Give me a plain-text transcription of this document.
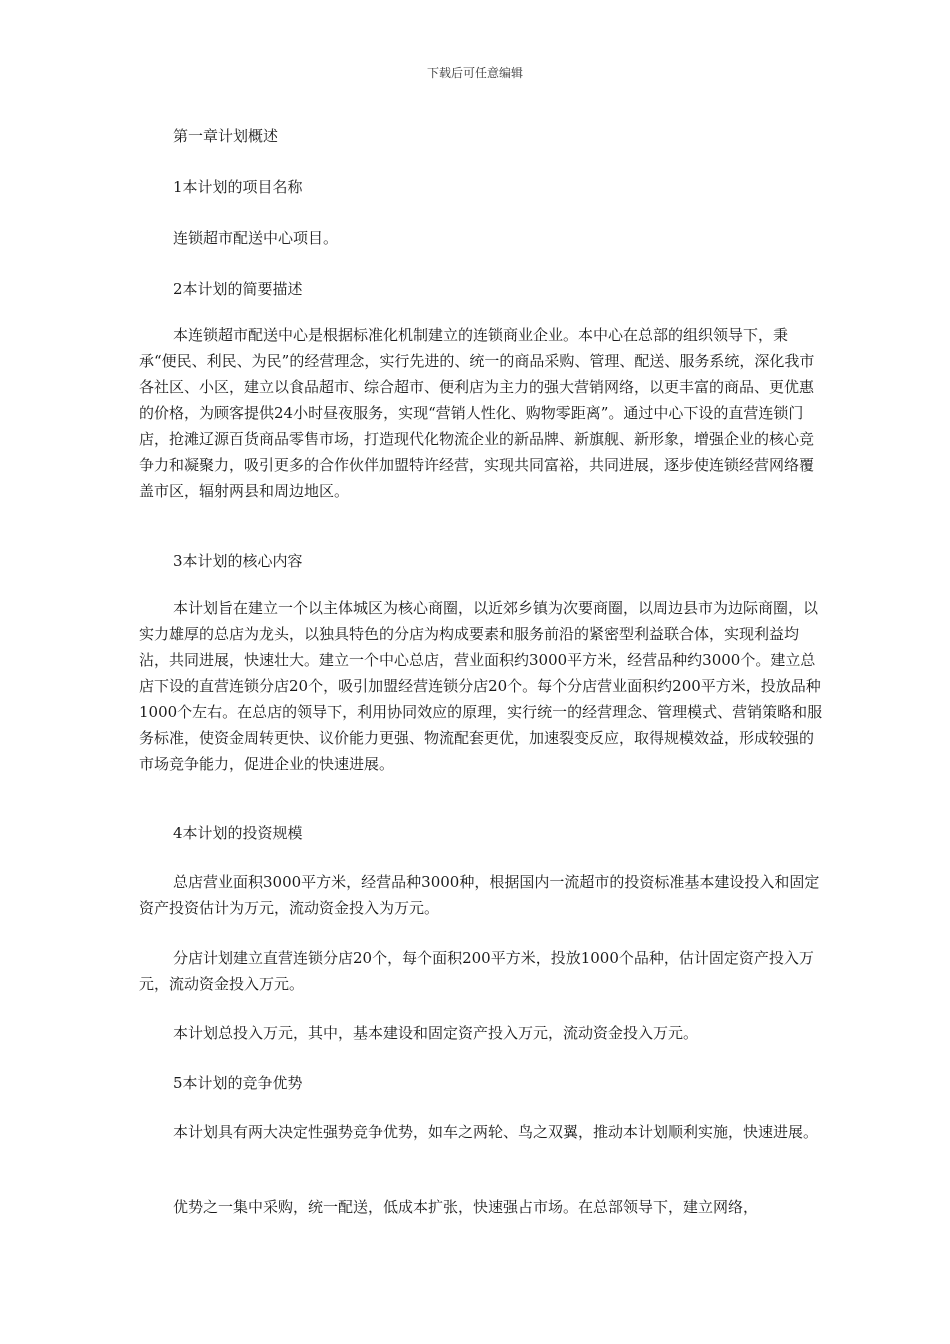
下载后可任意编辑

第一章计划概述

1本计划的项目名称

连锁超市配送中心项目。

2本计划的简要描述

本连锁超市配送中心是根据标准化机制建立的连锁商业企业。本中心在总部的组织领导下，秉承“便民、利民、为民”的经营理念，实行先进的、统一的商品采购、管理、配送、服务系统，深化我市各社区、小区，建立以食品超市、综合超市、便利店为主力的强大营销网络，以更丰富的商品、更优惠的价格，为顾客提供24小时昼夜服务，实现“营销人性化、购物零距离”。通过中心下设的直营连锁门店，抢滩辽源百货商品零售市场，打造现代化物流企业的新品牌、新旗舰、新形象，增强企业的核心竞争力和凝聚力，吸引更多的合作伙伴加盟特许经营，实现共同富裕，共同进展，逐步使连锁经营网络覆盖市区，辐射两县和周边地区。

3本计划的核心内容

本计划旨在建立一个以主体城区为核心商圈，以近郊乡镇为次要商圈，以周边县市为边际商圈，以实力雄厚的总店为龙头，以独具特色的分店为构成要素和服务前沿的紧密型利益联合体，实现利益均沾，共同进展，快速壮大。建立一个中心总店，营业面积约3000平方米，经营品种约3000个。建立总店下设的直营连锁分店20个，吸引加盟经营连锁分店20个。每个分店营业面积约200平方米，投放品种1000个左右。在总店的领导下，利用协同效应的原理，实行统一的经营理念、管理模式、营销策略和服务标准，使资金周转更快、议价能力更强、物流配套更优，加速裂变反应，取得规模效益，形成较强的市场竞争能力，促进企业的快速进展。

4本计划的投资规模

总店营业面积3000平方米，经营品种3000种，根据国内一流超市的投资标准基本建设投入和固定资产投资估计为万元，流动资金投入为万元。

分店计划建立直营连锁分店20个，每个面积200平方米，投放1000个品种，估计固定资产投入万元，流动资金投入万元。

本计划总投入万元，其中，基本建设和固定资产投入万元，流动资金投入万元。

5本计划的竞争优势

本计划具有两大决定性强势竞争优势，如车之两轮、鸟之双翼，推动本计划顺利实施，快速进展。

优势之一集中采购，统一配送，低成本扩张，快速强占市场。在总部领导下，建立网络，
